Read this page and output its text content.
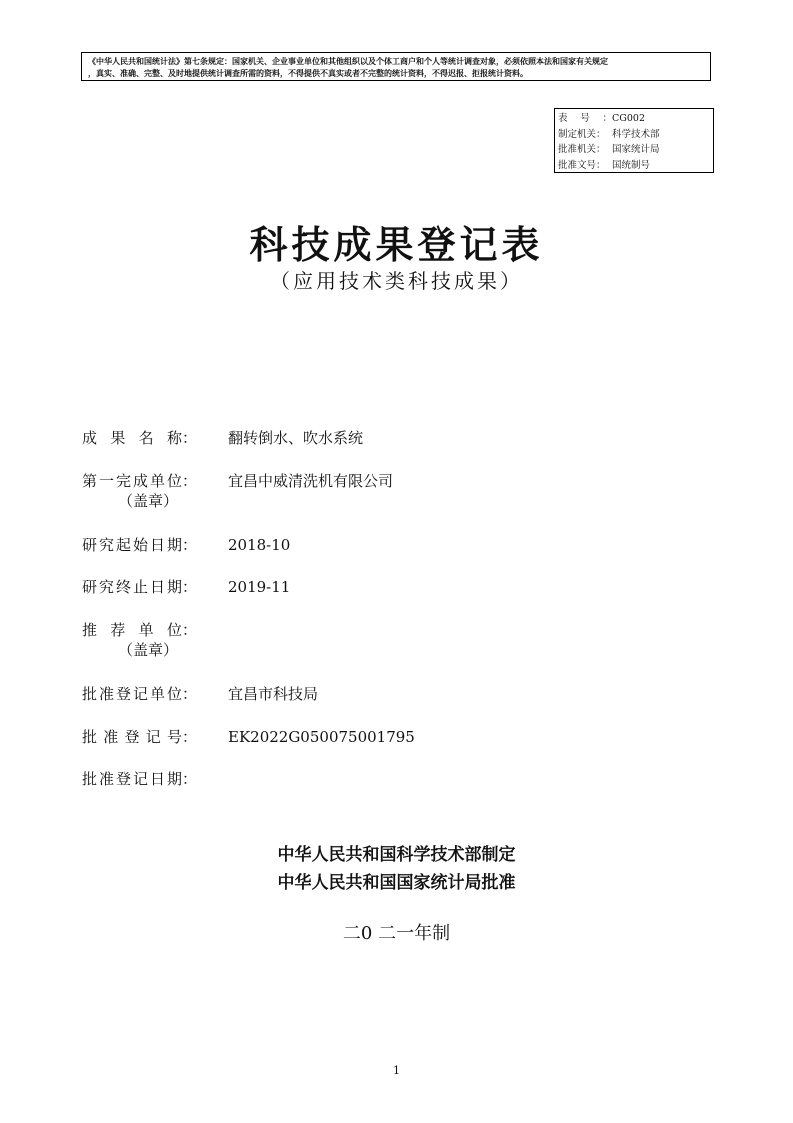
《中华人民共和国统计法》第七条规定：国家机关、企业事业单位和其他组织以及个体工商户和个人等统计调查对象，必须依照本法和国家有关规定
，真实、准确、完整、及时地提供统计调查所需的资料，不得提供不真实或者不完整的统计资料，不得迟报、拒报统计资料。
表号：CG002
制定机关： 科学技术部
批准机关： 国家统计局
批准文号： 国统制号
科技成果登记表
（应用技术类科技成果）
成果名称： 翻转倒水、吹水系统
第一完成单位： 宜昌中威清洗机有限公司
（盖章）
研究起始日期： 2018-10
研究终止日期： 2019-11
推荐单位：
（盖章）
批准登记单位： 宜昌市科技局
批准登记号： EK2022G050075001795
批准登记日期：
中华人民共和国科学技术部制定
中华人民共和国国家统计局批准
二0 二一年制
1
